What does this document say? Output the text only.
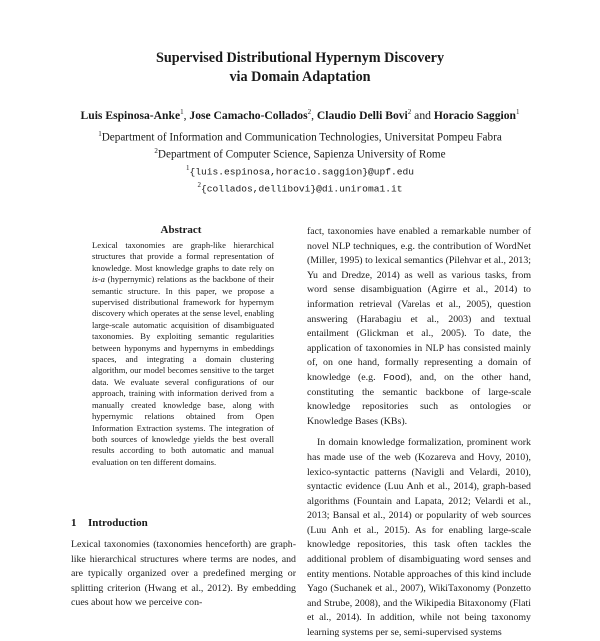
Supervised Distributional Hypernym Discovery
via Domain Adaptation
Luis Espinosa-Anke$^1$, Jose Camacho-Collados$^2$, Claudio Delli Bovi$^2$ and Horacio Saggion$^1$
$^1$Department of Information and Communication Technologies, Universitat Pompeu Fabra
$^2$Department of Computer Science, Sapienza University of Rome
$^1${luis.espinosa,horacio.saggion}@upf.edu
$^2${collados,dellibovi}@di.uniroma1.it
Abstract
Lexical taxonomies are graph-like hierarchical structures that provide a formal representation of knowledge. Most knowledge graphs to date rely on is-a (hypernymic) relations as the backbone of their semantic structure. In this paper, we propose a supervised distributional framework for hypernym discovery which operates at the sense level, enabling large-scale automatic acquisition of disambiguated taxonomies. By exploiting semantic regularities between hyponyms and hypernyms in embeddings spaces, and integrating a domain clustering algorithm, our model becomes sensitive to the target data. We evaluate several configurations of our approach, training with information derived from a manually created knowledge base, along with hypernymic relations obtained from Open Information Extraction systems. The integration of both sources of knowledge yields the best overall results according to both automatic and manual evaluation on ten different domains.
1 Introduction
Lexical taxonomies (taxonomies henceforth) are graph-like hierarchical structures where terms are nodes, and are typically organized over a predefined merging or splitting criterion (Hwang et al., 2012). By embedding cues about how we perceive con-

fact, taxonomies have enabled a remarkable number of novel NLP techniques, e.g. the contribution of WordNet (Miller, 1995) to lexical semantics (Pilehvar et al., 2013; Yu and Dredze, 2014) as well as various tasks, from word sense disambiguation (Agirre et al., 2014) to information retrieval (Varelas et al., 2005), question answering (Harabagiu et al., 2003) and textual entailment (Glickman et al., 2005). To date, the application of taxonomies in NLP has consisted mainly of, on one hand, formally representing a domain of knowledge (e.g. Food), and, on the other hand, constituting the semantic backbone of large-scale knowledge repositories such as ontologies or Knowledge Bases (KBs).

In domain knowledge formalization, prominent work has made use of the web (Kozareva and Hovy, 2010), lexico-syntactic patterns (Navigli and Velardi, 2010), syntactic evidence (Luu Anh et al., 2014), graph-based algorithms (Fountain and Lapata, 2012; Velardi et al., 2013; Bansal et al., 2014) or popularity of web sources (Luu Anh et al., 2015). As for enabling large-scale knowledge repositories, this task often tackles the additional problem of disambiguating word senses and entity mentions. Notable approaches of this kind include Yago (Suchanek et al., 2007), WikiTaxonomy (Ponzetto and Strube, 2008), and the Wikipedia Bitaxonomy (Flati et al., 2014). In addition, while not being taxonomy learning systems per se, semi-supervised systems
